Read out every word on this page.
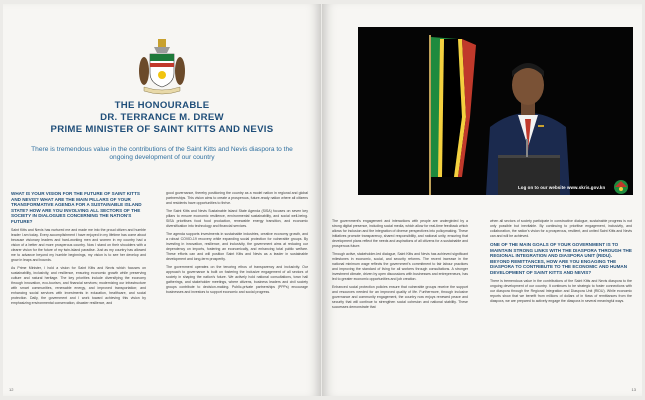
THE HONOURABLE
DR. TERRANCE M. DREW
PRIME MINISTER OF SAINT KITTS AND NEVIS

There is tremendous value in the contributions of the Saint Kitts and Nevis diaspora to the ongoing development of our country

WHAT IS YOUR VISION FOR THE FUTURE OF SAINT KITTS AND NEVIS? WHAT ARE THE MAIN PILLARS OF YOUR TRANSFORMATIVE AGENDA FOR A SUSTAINABLE ISLAND STATE? HOW ARE YOU INVOLVING ALL SECTORS OF THE SOCIETY IN DIALOGUES CONCERNING THE NATION'S FUTURE?

Saint Kitts and Nevis has nurtured me and made me into the proud citizen and humble leader I am today. Every accomplishment I have enjoyed in my lifetime has come about because visionary leaders and hard-working men and women in my country had a vision of a better and more prosperous country. Now I stand on their shoulders with a clearer vision for the future of my twin-island paradise. Just as my country has allowed me to advance beyond my humble beginnings, my vision is to see her develop and grow in leaps and bounds.

As Prime Minister, I hold a vision for Saint Kitts and Nevis which focuses on sustainability, inclusivity, and resilience, ensuring economic growth while preserving culture and natural heritage. The key priorities include diversifying the economy through innovation, eco-tourism, and financial services; modernizing our infrastructure with smart communities, renewable energy, and improved transportation; and enhancing social services with investments in education, healthcare, and social protection. Daily, the government and I work toward achieving this vision by emphasizing environmental conservation, disaster resilience, and

good governance, thereby positioning the country as a model nation in regional and global partnerships. This vision aims to create a prosperous, future-ready nation where all citizens and residents have opportunities to thrive.

The Saint Kitts and Nevis Sustainable Island State Agenda (SISA) focuses on seven key pillars to ensure economic resilience, environmental sustainability, and social well-being. SISA prioritises food food production, renewable energy transition, and economic diversification into technology and financial services.

The agenda supports investments in sustainable industries, creative economy growth, and a robust COVID-19 recovery while expanding social protection for vulnerable groups. By investing in innovation, resilience, and inclusivity, the government aims at reducing our dependency on imports, fostering an economically, and enhancing total public welfare. These efforts can and will position Saint Kitts and Nevis as a leader in sustainable development and long-term prosperity.

The government operates on the tenoring ethos of transparency and inclusivity. Our approach to governance is built on fostering the inclusive engagement of all sectors of society in shaping the nation's future. We actively hold national consultations, town hall gatherings, and stakeholder meetings, where citizens, business leaders and civil society groups contribute to decision-making. Public-private partnerships (PPPs) encourage businesses and investors to support economic and social progress.

12
Log on to our website www.skris.gov.kn

The government's engagement and interactions with people are undergirded by a strong digital presence, including social media, which allow for real-time feedback which allows for inclusion and the integration of diverse perspectives into policymaking. These initiatives promote transparency, shared responsibility, and national unity, ensuring that development plans reflect the needs and aspirations of all citizens for a sustainable and prosperous future.

Through active, stakeholder-led dialogue, Saint Kitts and Nevis has achieved significant milestones in economic, social, and security reforms. The recent increase in the national minimum wage reflects the government's commitment to fair labour practices and improving the standard of living for all workers through consultations. A stronger investment climate, driven by open discussions with businesses and entrepreneurs, has led to greater economic opportunities and job creation.

Enhanced social protection policies ensure that vulnerable groups receive the support and resources needed for an improved quality of life. Furthermore, through inclusive governance and community engagement, the country now enjoys renewed peace and security that will continue to strengthen social cohesion and national stability. These successes demonstrate that

when all sectors of society participate in constructive dialogue, sustainable progress is not only possible but inevitable. By continuing to prioritise engagement, inclusivity, and collaboration, the nation's vision for a prosperous, resilient, and united Saint Kitts and Nevis can and will be achieved.

ONE OF THE MAIN GOALS OF YOUR GOVERNMENT IS TO MAINTAIN STRONG LINKS WITH THE DIASPORA THROUGH THE REGIONAL INTEGRATION AND DIASPORA UNIT (RIDU). BEYOND REMITTANCES, HOW ARE YOU ENGAGING THE DIASPORA TO CONTRIBUTE TO THE ECONOMIC AND HUMAN DEVELOPMENT OF SAINT KITTS AND NEVIS?

There is tremendous value in the contributions of the Saint Kitts and Nevis diaspora to the ongoing development of our country. It continues to be strategic to foster connections with our diaspora through the Regional Integration and Diaspora Unit (RIDU). While economic reports show that we benefit from millions of dollars of in flows of remittances from the diaspora, we are prepared to actively engage the diaspora in several meaningful ways.

13
